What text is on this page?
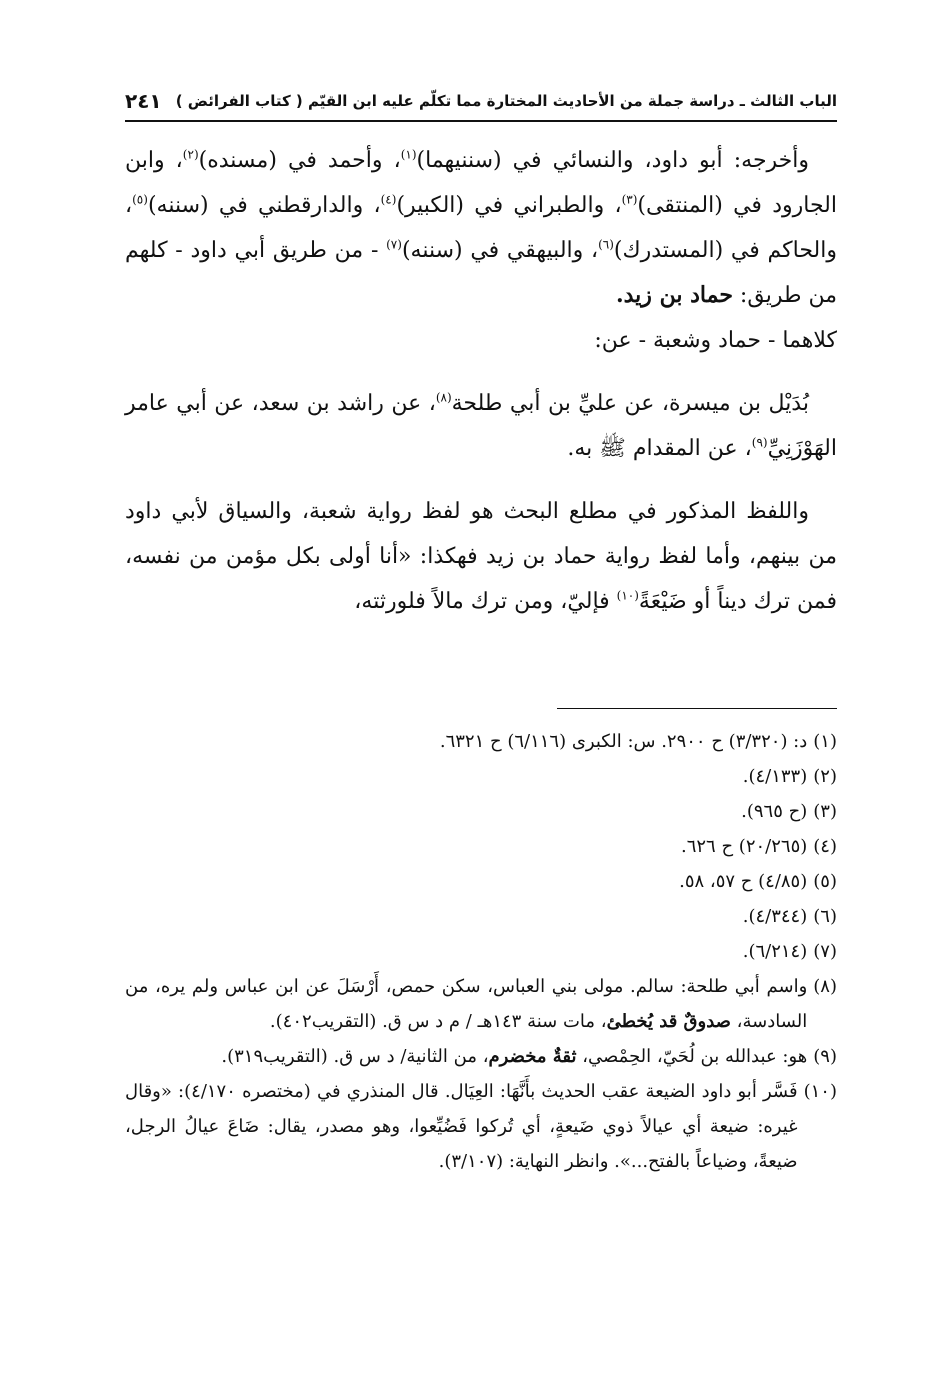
الباب الثالث ـ دراسة جملة من الأحاديث المختارة مما تكلّم عليه ابن القيّم ( كتاب الفرائض )
٢٤١

وأخرجه: أبو داود، والنسائي في (سننيهما)$^{(١)}$، وأحمد في (مسنده)$^{(٢)}$، وابن الجارود في (المنتقى)$^{(٣)}$، والطبراني في (الكبير)$^{(٤)}$، والدارقطني في (سننه)$^{(٥)}$، والحاكم في (المستدرك)$^{(٦)}$، والبيهقي في (سننه)$^{(٧)}$ - من طريق أبي داود - كلهم من طريق: حماد بن زيد.

كلاهما - حماد وشعبة - عن:

بُدَيْل بن ميسرة، عن عليِّ بن أبي طلحة$^{(٨)}$، عن راشد بن سعد، عن أبي عامر الهَوْزَنِيِّ$^{(٩)}$، عن المقدام ﷺ به.

واللفظ المذكور في مطلع البحث هو لفظ رواية شعبة، والسياق لأبي داود من بينهم، وأما لفظ رواية حماد بن زيد فهكذا: «أنا أولى بكل مؤمن من نفسه، فمن ترك ديناً أو ضَيْعَةً$^{(١٠)}$ فإليّ، ومن ترك مالاً فلورثته،

(١)
د: (٣/٣٢٠) ح ٢٩٠٠. س: الكبرى (٦/١١٦) ح ٦٣٢١.
(٢)
(٤/١٣٣).
(٣)
(ح ٩٦٥).
(٤)
(٢٠/٢٦٥) ح ٦٢٦.
(٥)
(٤/٨٥) ح ٥٧، ٥٨.
(٦)
(٤/٣٤٤).
(٧)
(٦/٢١٤).
(٨)
واسم أبي طلحة: سالم. مولى بني العباس، سكن حمص، أَرْسَلَ عن ابن عباس ولم يره، من السادسة، صدوقٌ قد يُخطئ، مات سنة ١٤٣هـ / م د س ق. (التقريب٤٠٢).
(٩)
هو: عبدالله بن لُحَيّ، الحِمْصي، ثقةٌ مخضرم، من الثانية/ د س ق. (التقريب٣١٩).
(١٠)
فَسَّر أبو داود الضيعة عقب الحديث بأَنَّهَا: العِيَال. قال المنذري في (مختصره ٤/١٧٠): «وقال غيره: ضيعة أي عيالاً ذوي ضَيعةٍ، أي تُركوا فَضُيِّعوا، وهو مصدر، يقال: ضَاعَ عيالُ الرجل، ضيعةً، وضياعاً بالفتح...». وانظر النهاية: (٣/١٠٧).
